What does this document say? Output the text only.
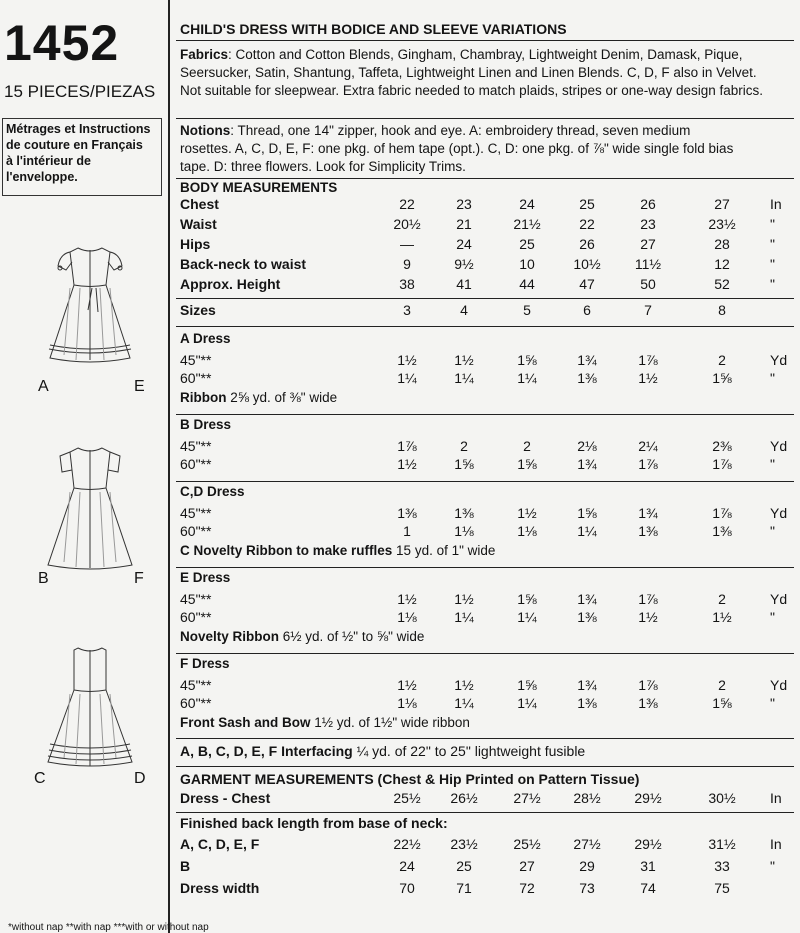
1452
15 PIECES/PIEZAS
Métrages et Instructions
de couture en Français
à l'intérieur de
l'enveloppe.
A	E
B	F
C	D
CHILD'S DRESS WITH BODICE AND SLEEVE VARIATIONS
Fabrics: Cotton and Cotton Blends, Gingham, Chambray, Lightweight Denim, Damask, Pique,
Seersucker, Satin, Shantung, Taffeta, Lightweight Linen and Linen Blends. C, D, F also in Velvet.
Not suitable for sleepwear. Extra fabric needed to match plaids, stripes or one-way design fabrics.
Notions: Thread, one 14" zipper, hook and eye. A: embroidery thread, seven medium
rosettes. A, C, D, E, F: one pkg. of hem tape (opt.). C, D: one pkg. of ⅞" wide single fold bias
tape. D: three flowers. Look for Simplicity Trims.
BODY MEASUREMENTS
Chest	22	23	24	25	26	27	In
Waist	20½	21	21½	22	23	23½	"
Hips	—	24	25	26	27	28	"
Back-neck to waist	9	9½	10	10½	11½	12	"
Approx. Height	38	41	44	47	50	52	"
Sizes	3	4	5	6	7	8
A Dress
45"**	1½	1½	1⅝	1¾	1⅞	2	Yd
60"**	1¼	1¼	1¼	1⅜	1½	1⅝	"
Ribbon 2⅝ yd. of ⅜" wide
B Dress
45"**	1⅞	2	2	2⅛	2¼	2⅜	Yd
60"**	1½	1⅝	1⅝	1¾	1⅞	1⅞	"
C,D Dress
45"**	1⅜	1⅜	1½	1⅝	1¾	1⅞	Yd
60"**	1	1⅛	1⅛	1¼	1⅜	1⅜	"
C Novelty Ribbon to make ruffles 15 yd. of 1" wide
E Dress
45"**	1½	1½	1⅝	1¾	1⅞	2	Yd
60"**	1⅛	1¼	1¼	1⅜	1½	1½	"
Novelty Ribbon 6½ yd. of ½" to ⅝" wide
F Dress
45"**	1½	1½	1⅝	1¾	1⅞	2	Yd
60"**	1⅛	1¼	1¼	1⅜	1⅜	1⅝	"
Front Sash and Bow 1½ yd. of 1½" wide ribbon
A, B, C, D, E, F Interfacing ¼ yd. of 22" to 25" lightweight fusible
GARMENT MEASUREMENTS (Chest & Hip Printed on Pattern Tissue)
Dress - Chest	25½	26½	27½	28½	29½	30½	In
Finished back length from base of neck:
A, C, D, E, F	22½	23½	25½	27½	29½	31½	In
B	24	25	27	29	31	33	"
Dress width	70	71	72	73	74	75
*without nap **with nap ***with or without nap
